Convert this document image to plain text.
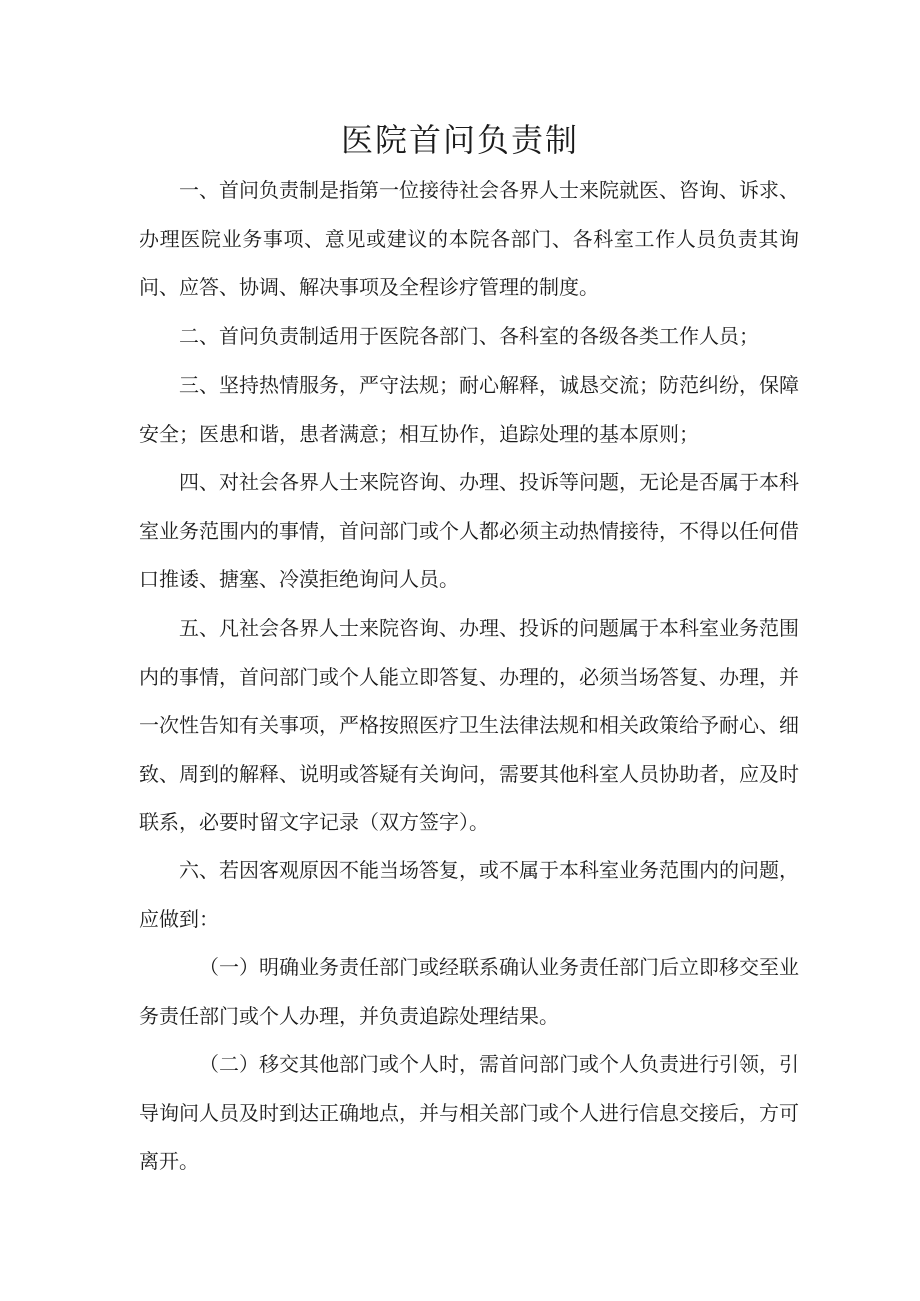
医院首问负责制

一、首问负责制是指第一位接待社会各界人士来院就医、咨询、诉求、办理医院业务事项、意见或建议的本院各部门、各科室工作人员负责其询问、应答、协调、解决事项及全程诊疗管理的制度。

二、首问负责制适用于医院各部门、各科室的各级各类工作人员；

三、坚持热情服务，严守法规；耐心解释，诚恳交流；防范纠纷，保障安全；医患和谐，患者满意；相互协作，追踪处理的基本原则；

四、对社会各界人士来院咨询、办理、投诉等问题，无论是否属于本科室业务范围内的事情，首问部门或个人都必须主动热情接待，不得以任何借口推诿、搪塞、冷漠拒绝询问人员。

五、凡社会各界人士来院咨询、办理、投诉的问题属于本科室业务范围内的事情，首问部门或个人能立即答复、办理的，必须当场答复、办理，并一次性告知有关事项，严格按照医疗卫生法律法规和相关政策给予耐心、细致、周到的解释、说明或答疑有关询问，需要其他科室人员协助者，应及时联系，必要时留文字记录（双方签字）。

六、若因客观原因不能当场答复，或不属于本科室业务范围内的问题，应做到：

（一）明确业务责任部门或经联系确认业务责任部门后立即移交至业务责任部门或个人办理，并负责追踪处理结果。

（二）移交其他部门或个人时，需首问部门或个人负责进行引领，引导询问人员及时到达正确地点，并与相关部门或个人进行信息交接后，方可离开。
